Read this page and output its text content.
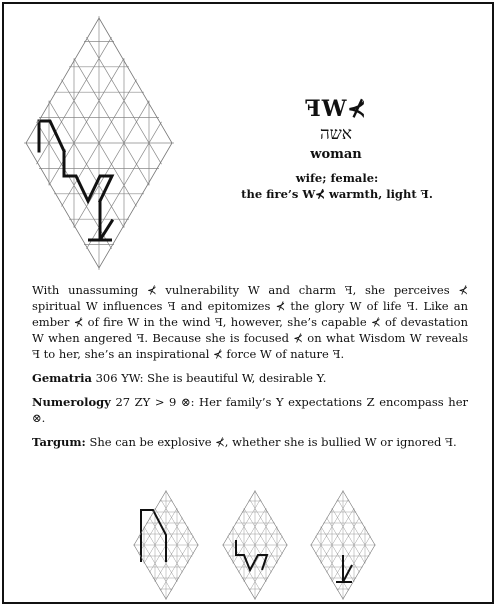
ꟻW⊀
אשה
woman
wife; female:
the fire’s W⊀ warmth, light ꟻ.

With unassuming ⊀ vulnerability W and charm ꟻ, she perceives ⊀ spiritual W influences ꟻ and epitomizes ⊀ the glory W of life ꟻ. Like an ember ⊀ of fire W in the wind ꟻ, however, she’s capable ⊀ of devastation W when angered ꟻ. Because she is focused ⊀ on what Wisdom W reveals ꟻ to her, she’s an inspirational ⊀ force W of nature ꟻ.

Gematria 306 YW: She is beautiful W, desirable Y.

Numerology 27 ZY > 9 ⊗: Her family’s Y expectations Z encompass her ⊗.

Targum: She can be explosive ⊀, whether she is bullied W or ignored ꟻ.
